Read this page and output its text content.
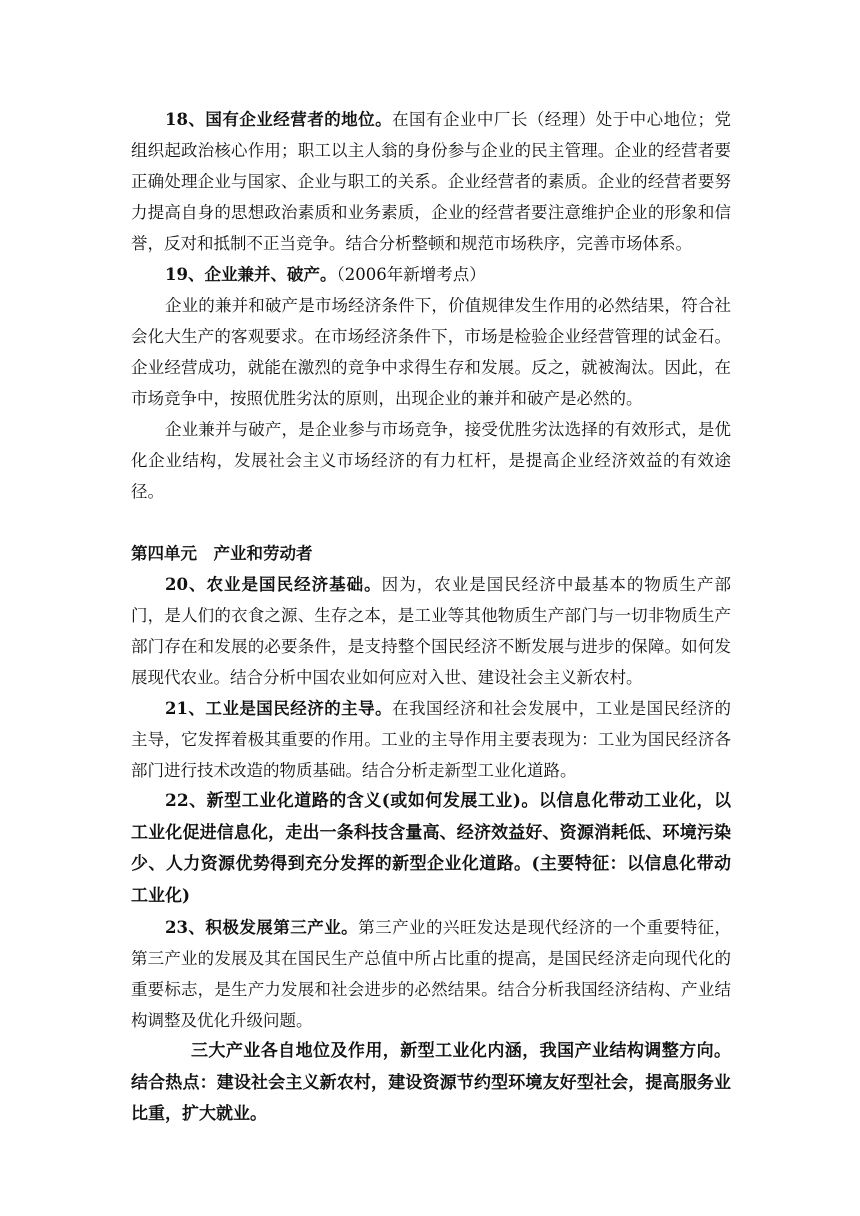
18、国有企业经营者的地位。在国有企业中厂长（经理）处于中心地位；党组织起政治核心作用；职工以主人翁的身份参与企业的民主管理。企业的经营者要正确处理企业与国家、企业与职工的关系。企业经营者的素质。企业的经营者要努力提高自身的思想政治素质和业务素质，企业的经营者要注意维护企业的形象和信誉，反对和抵制不正当竞争。结合分析整顿和规范市场秩序，完善市场体系。

19、企业兼并、破产。（2006年新增考点）

企业的兼并和破产是市场经济条件下，价值规律发生作用的必然结果，符合社会化大生产的客观要求。在市场经济条件下，市场是检验企业经营管理的试金石。企业经营成功，就能在激烈的竞争中求得生存和发展。反之，就被淘汰。因此，在市场竞争中，按照优胜劣汰的原则，出现企业的兼并和破产是必然的。

企业兼并与破产，是企业参与市场竞争，接受优胜劣汰选择的有效形式，是优化企业结构，发展社会主义市场经济的有力杠杆，是提高企业经济效益的有效途径。

第四单元　产业和劳动者

20、农业是国民经济基础。因为，农业是国民经济中最基本的物质生产部门，是人们的衣食之源、生存之本，是工业等其他物质生产部门与一切非物质生产部门存在和发展的必要条件，是支持整个国民经济不断发展与进步的保障。如何发展现代农业。结合分析中国农业如何应对入世、建设社会主义新农村。

21、工业是国民经济的主导。在我国经济和社会发展中，工业是国民经济的主导，它发挥着极其重要的作用。工业的主导作用主要表现为：工业为国民经济各部门进行技术改造的物质基础。结合分析走新型工业化道路。

22、新型工业化道路的含义(或如何发展工业)。以信息化带动工业化，以工业化促进信息化，走出一条科技含量高、经济效益好、资源消耗低、环境污染少、人力资源优势得到充分发挥的新型企业化道路。(主要特征：以信息化带动工业化)

23、积极发展第三产业。第三产业的兴旺发达是现代经济的一个重要特征，第三产业的发展及其在国民生产总值中所占比重的提高，是国民经济走向现代化的重要标志，是生产力发展和社会进步的必然结果。结合分析我国经济结构、产业结构调整及优化升级问题。

三大产业各自地位及作用，新型工业化内涵，我国产业结构调整方向。结合热点：建设社会主义新农村，建设资源节约型环境友好型社会，提高服务业比重，扩大就业。
